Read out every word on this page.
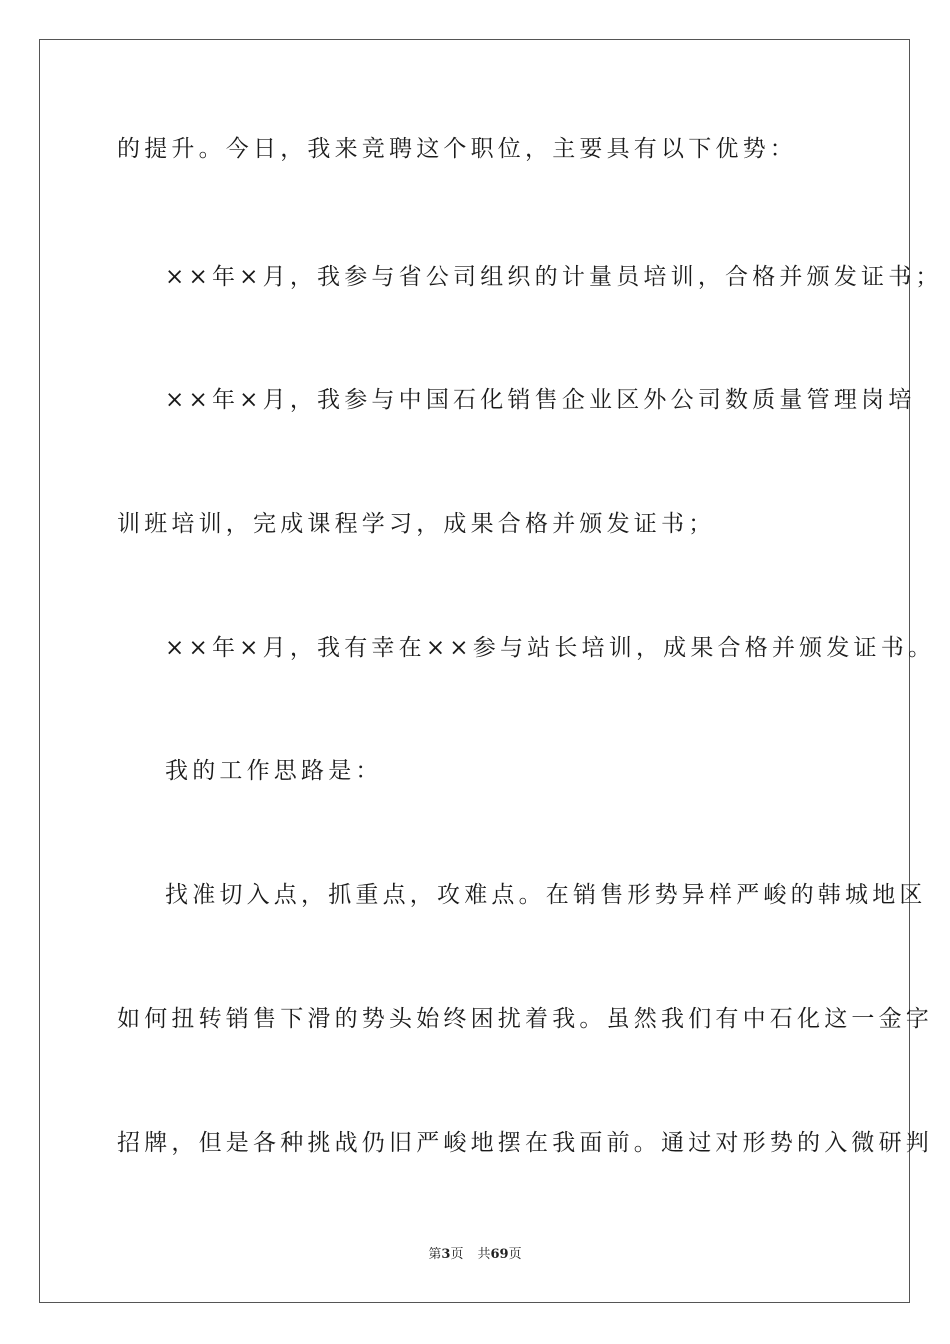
的提升。今日，我来竞聘这个职位，主要具有以下优势：
××年×月，我参与省公司组织的计量员培训，合格并颁发证书；
××年×月，我参与中国石化销售企业区外公司数质量管理岗培
训班培训，完成课程学习，成果合格并颁发证书；
××年×月，我有幸在××参与站长培训，成果合格并颁发证书。
我的工作思路是：
找准切入点，抓重点，攻难点。在销售形势异样严峻的韩城地区
如何扭转销售下滑的势头始终困扰着我。虽然我们有中石化这一金字
招牌，但是各种挑战仍旧严峻地摆在我面前。通过对形势的入微研判
第3页 共69页
